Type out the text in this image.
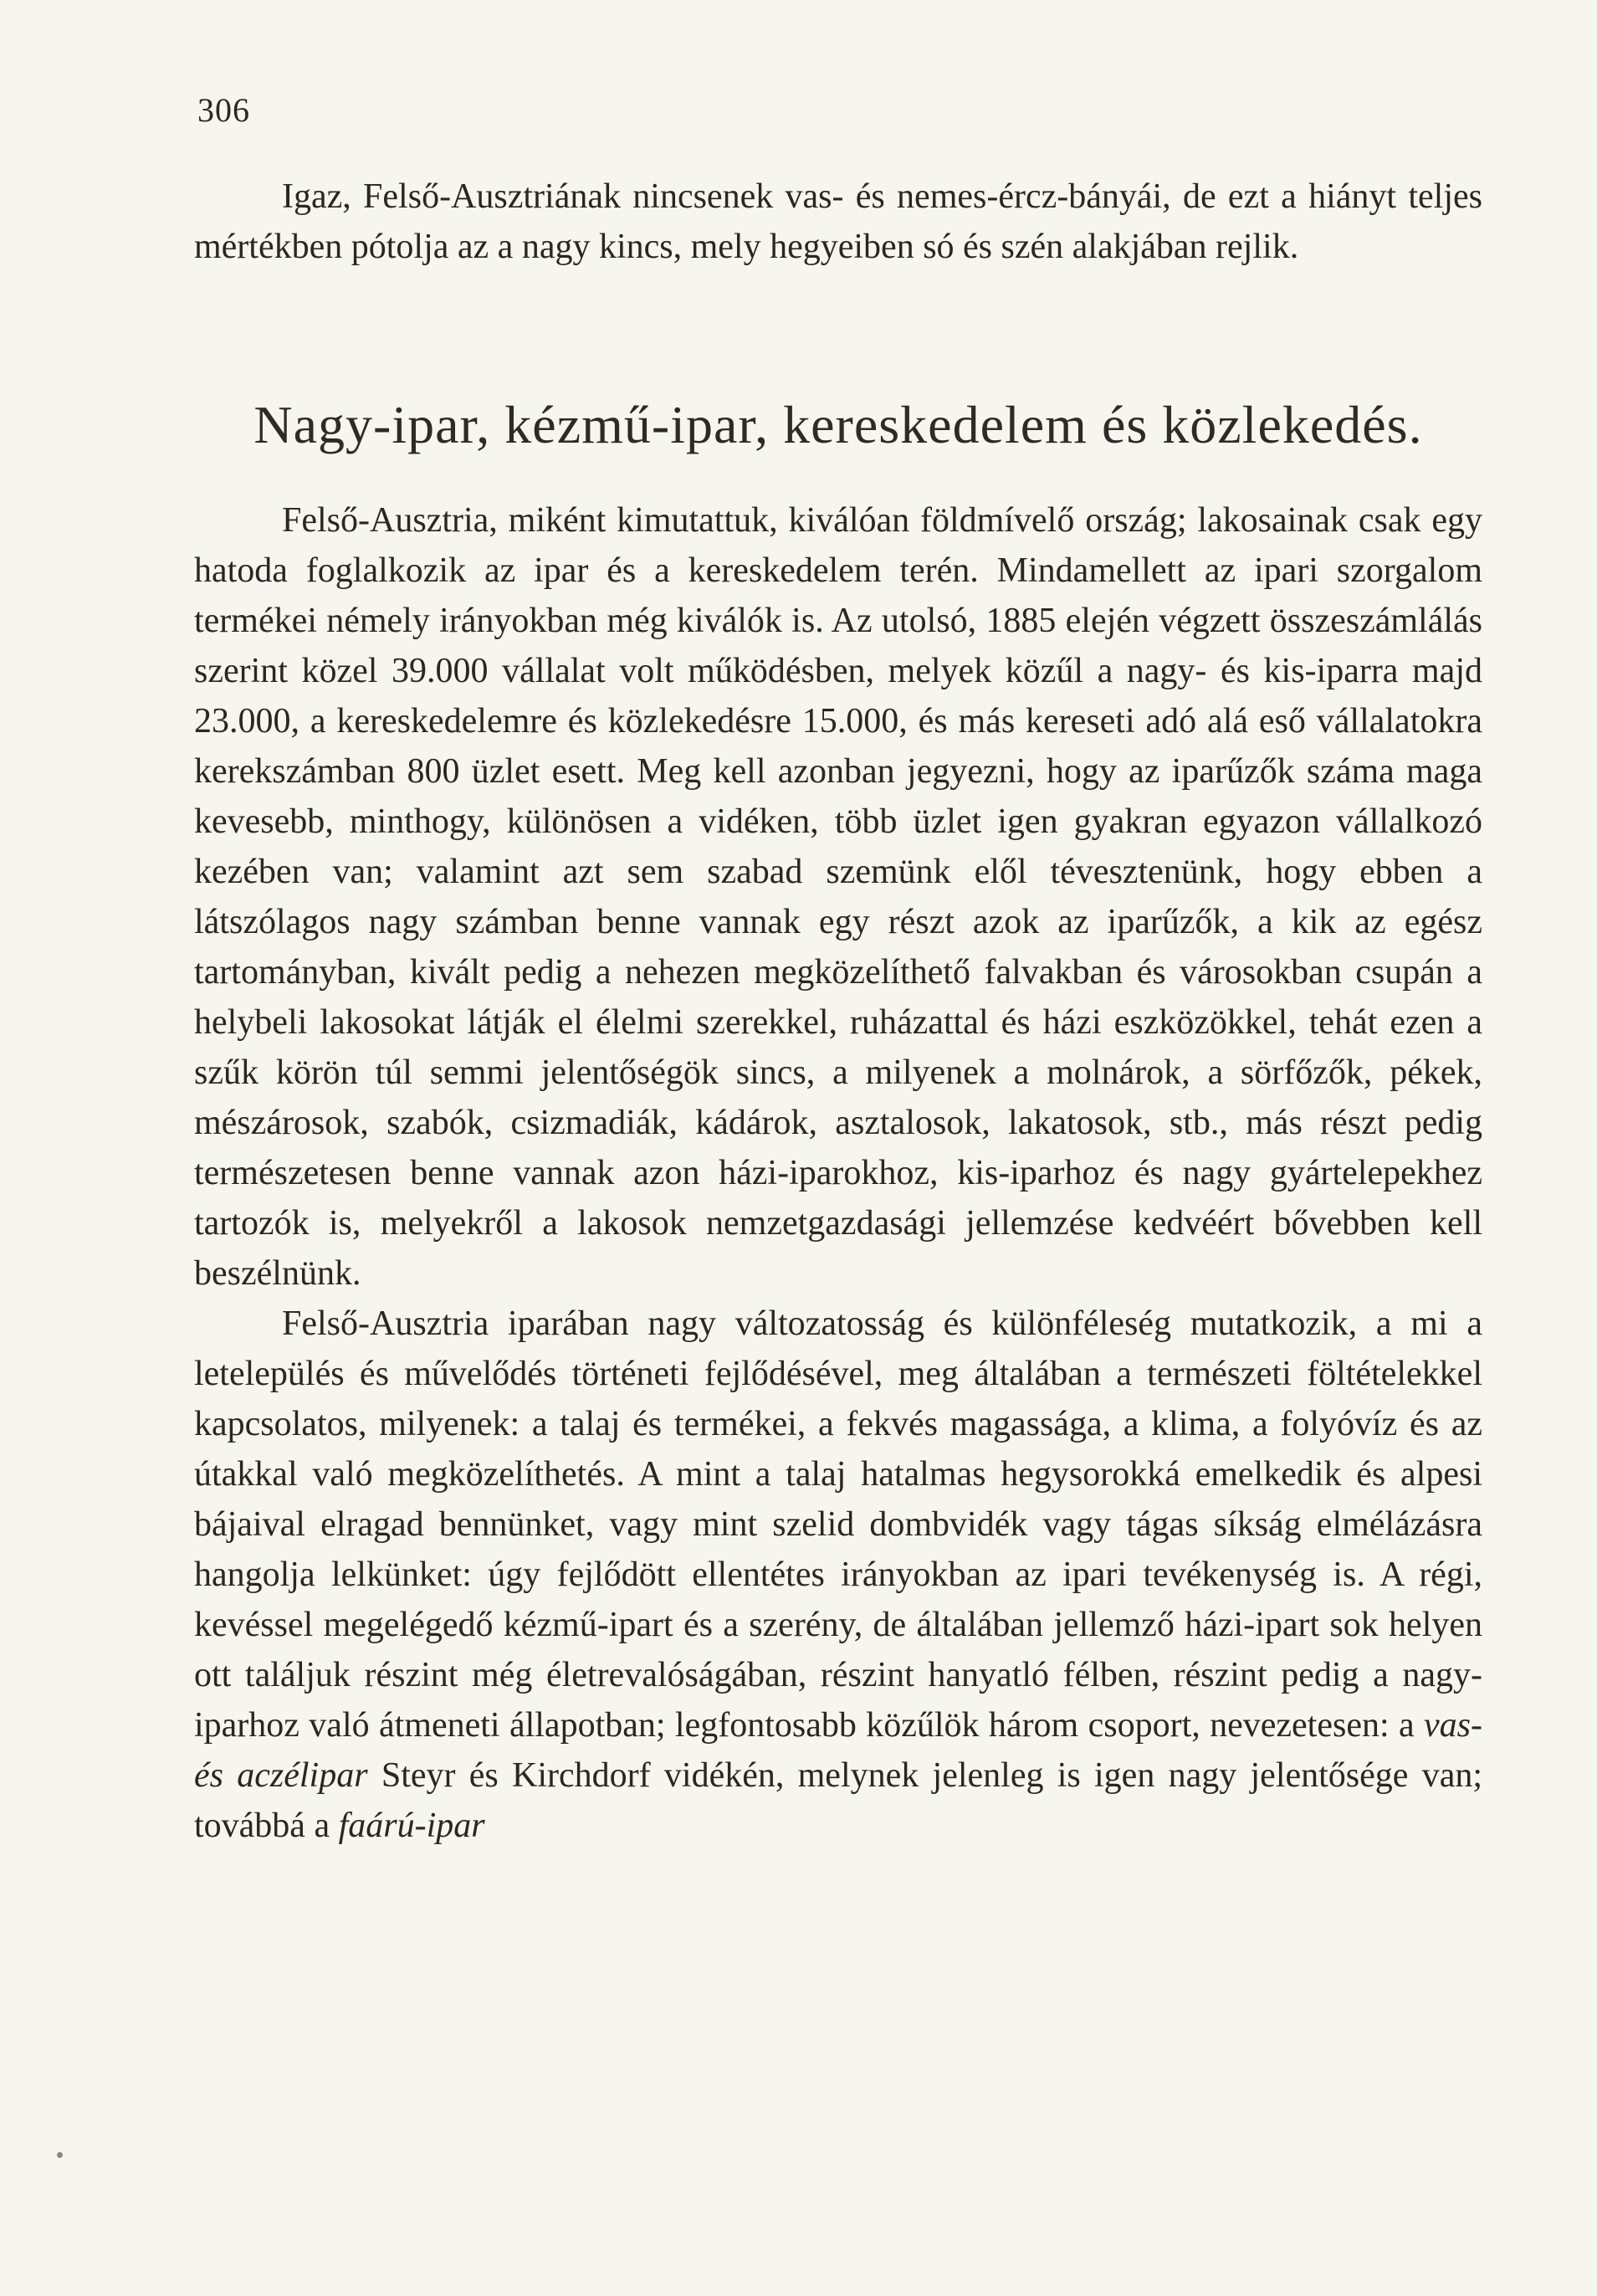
306

Igaz, Felső-Ausztriának nincsenek vas- és nemes-ércz-bányái, de ezt a hiányt teljes mértékben pótolja az a nagy kincs, mely hegyeiben só és szén alakjában rejlik.

Nagy-ipar, kézmű-ipar, kereskedelem és közlekedés.

Felső-Ausztria, miként kimutattuk, kiválóan földmívelő ország; lakosainak csak egy hatoda foglalkozik az ipar és a kereskedelem terén. Mindamellett az ipari szorgalom termékei némely irányokban még kiválók is. Az utolsó, 1885 elején végzett összeszámlálás szerint közel 39.000 vállalat volt működésben, melyek közűl a nagy- és kis-iparra majd 23.000, a kereskedelemre és közlekedésre 15.000, és más kereseti adó alá eső vállalatokra kerekszámban 800 üzlet esett. Meg kell azonban jegyezni, hogy az iparűzők száma maga kevesebb, minthogy, különösen a vidéken, több üzlet igen gyakran egyazon vállalkozó kezében van; valamint azt sem szabad szemünk elől tévesztenünk, hogy ebben a látszólagos nagy számban benne vannak egy részt azok az iparűzők, a kik az egész tartományban, kivált pedig a nehezen megközelíthető falvakban és városokban csupán a helybeli lakosokat látják el élelmi szerekkel, ruházattal és házi eszközökkel, tehát ezen a szűk körön túl semmi jelentőségök sincs, a milyenek a molnárok, a sörfőzők, pékek, mészárosok, szabók, csizmadiák, kádárok, asztalosok, lakatosok, stb., más részt pedig természetesen benne vannak azon házi-iparokhoz, kis-iparhoz és nagy gyártelepekhez tartozók is, melyekről a lakosok nemzetgazdasági jellemzése kedvéért bővebben kell beszélnünk.

Felső-Ausztria iparában nagy változatosság és különféleség mutatkozik, a mi a letelepülés és művelődés történeti fejlődésével, meg általában a természeti föltételekkel kapcsolatos, milyenek: a talaj és termékei, a fekvés magassága, a klima, a folyóvíz és az útakkal való megközelíthetés. A mint a talaj hatalmas hegysorokká emelkedik és alpesi bájaival elragad bennünket, vagy mint szelid dombvidék vagy tágas síkság elmélázásra hangolja lelkünket: úgy fejlődött ellentétes irányokban az ipari tevékenység is. A régi, kevéssel megelégedő kézmű-ipart és a szerény, de általában jellemző házi-ipart sok helyen ott találjuk részint még életrevalóságában, részint hanyatló félben, részint pedig a nagy-iparhoz való átmeneti állapotban; legfontosabb közűlök három csoport, nevezetesen: a vas- és aczélipar Steyr és Kirchdorf vidékén, melynek jelenleg is igen nagy jelentősége van; továbbá a faárú-ipar
